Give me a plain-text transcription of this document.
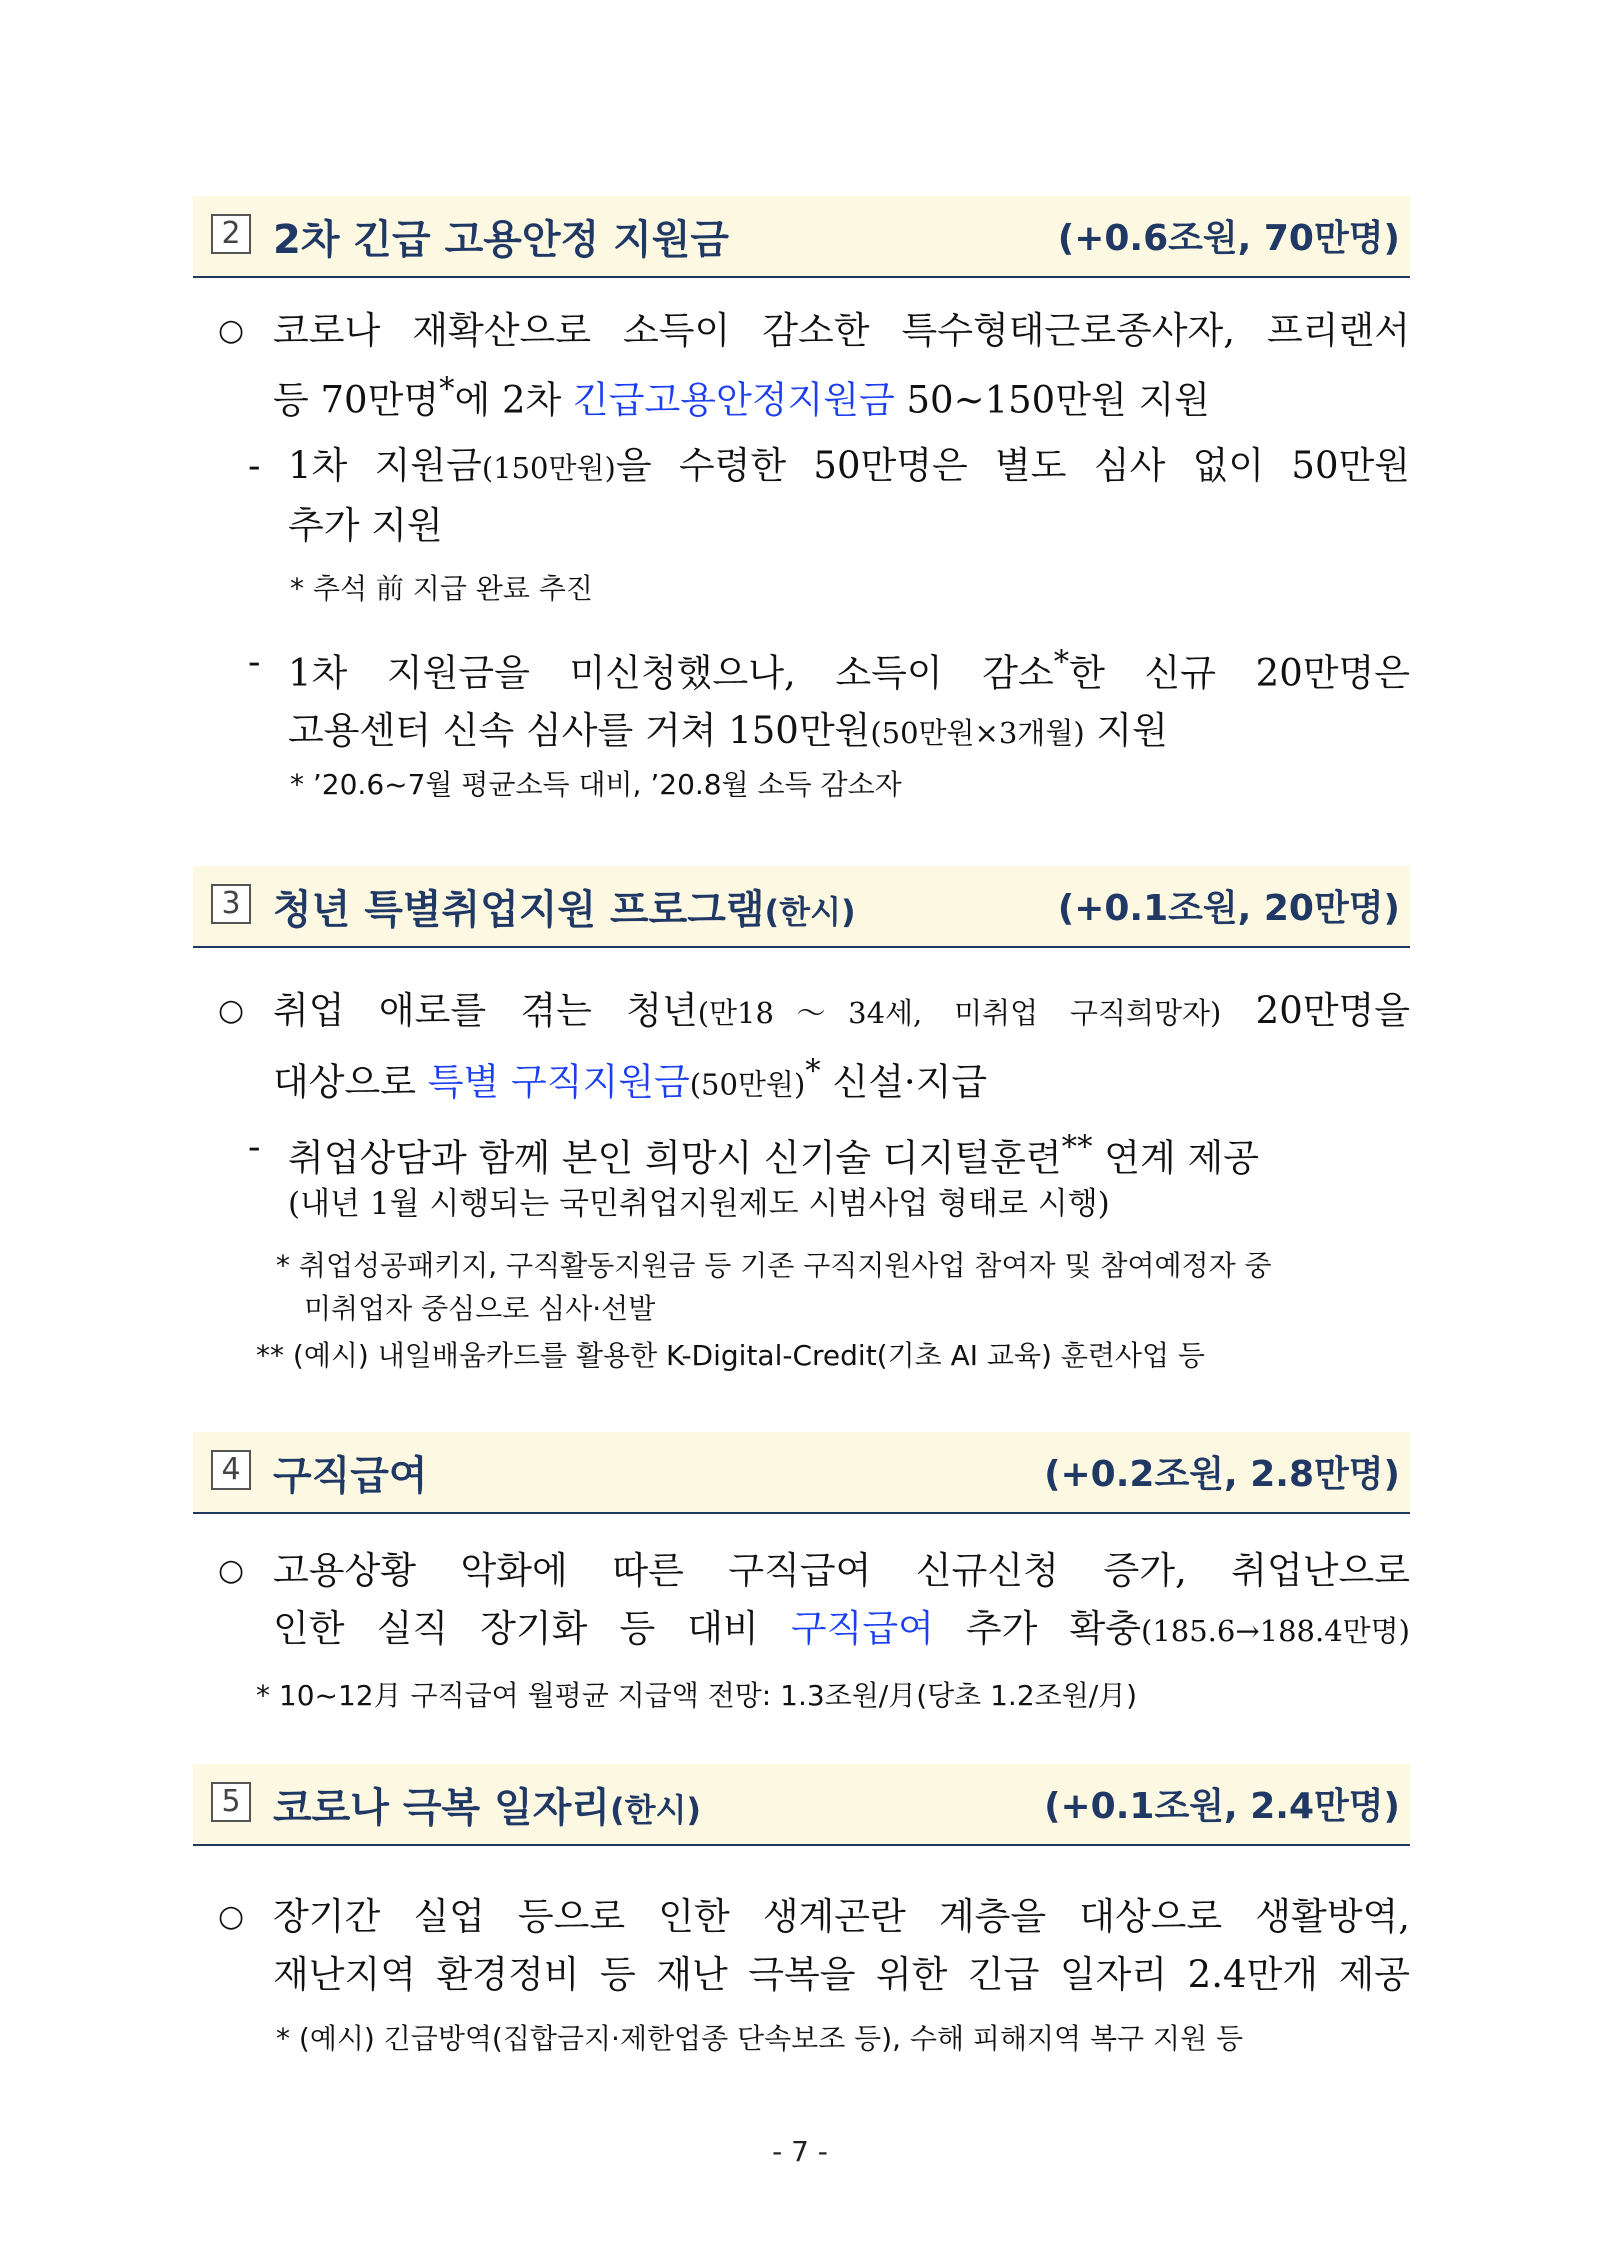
2 2차 긴급 고용안정 지원금	(+0.6조원, 70만명)
○ 코로나 재확산으로 소득이 감소한 특수형태근로종사자, 프리랜서
등 70만명*에 2차 긴급고용안정지원금 50~150만원 지원
- 1차 지원금(150만원)을 수령한 50만명은 별도 심사 없이 50만원
추가 지원
* 추석 前 지급 완료 추진
- 1차 지원금을 미신청했으나, 소득이 감소*한 신규 20만명은
고용센터 신속 심사를 거쳐 150만원(50만원×3개월) 지원
* ’20.6~7월 평균소득 대비, ’20.8월 소득 감소자
3 청년 특별취업지원 프로그램(한시)	(+0.1조원, 20만명)
○ 취업 애로를 겪는 청년(만18～34세, 미취업 구직희망자) 20만명을
대상으로 특별 구직지원금(50만원)* 신설·지급
- 취업상담과 함께 본인 희망시 신기술 디지털훈련** 연계 제공
(내년 1월 시행되는 국민취업지원제도 시범사업 형태로 시행)
* 취업성공패키지, 구직활동지원금 등 기존 구직지원사업 참여자 및 참여예정자 중
미취업자 중심으로 심사·선발
** (예시) 내일배움카드를 활용한 K-Digital-Credit(기초 AI 교육) 훈련사업 등
4 구직급여	(+0.2조원, 2.8만명)
○ 고용상황 악화에 따른 구직급여 신규신청 증가, 취업난으로
인한 실직 장기화 등 대비 구직급여 추가 확충(185.6→188.4만명)
* 10~12月 구직급여 월평균 지급액 전망: 1.3조원/月(당초 1.2조원/月)
5 코로나 극복 일자리(한시)	(+0.1조원, 2.4만명)
○ 장기간 실업 등으로 인한 생계곤란 계층을 대상으로 생활방역,
재난지역 환경정비 등 재난 극복을 위한 긴급 일자리 2.4만개 제공
* (예시) 긴급방역(집합금지·제한업종 단속보조 등), 수해 피해지역 복구 지원 등
- 7 -
